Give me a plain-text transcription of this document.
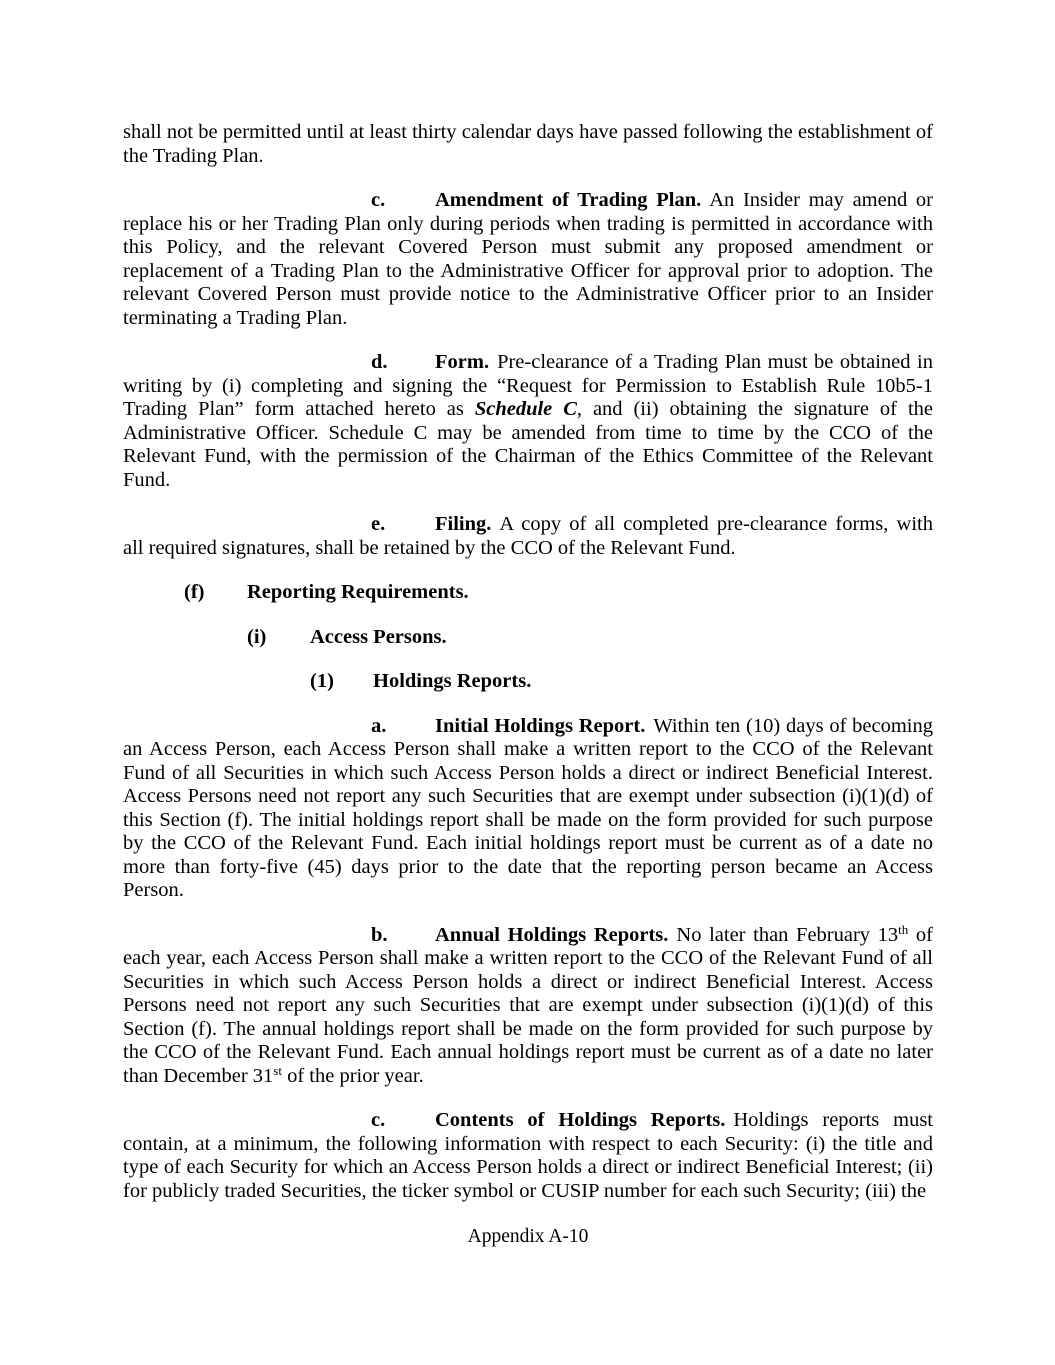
shall not be permitted until at least thirty calendar days have passed following the establishment of the Trading Plan.

c. Amendment of Trading Plan. An Insider may amend or replace his or her Trading Plan only during periods when trading is permitted in accordance with this Policy, and the relevant Covered Person must submit any proposed amendment or replacement of a Trading Plan to the Administrative Officer for approval prior to adoption. The relevant Covered Person must provide notice to the Administrative Officer prior to an Insider terminating a Trading Plan.

d. Form. Pre-clearance of a Trading Plan must be obtained in writing by (i) completing and signing the “Request for Permission to Establish Rule 10b5-1 Trading Plan” form attached hereto as Schedule C, and (ii) obtaining the signature of the Administrative Officer. Schedule C may be amended from time to time by the CCO of the Relevant Fund, with the permission of the Chairman of the Ethics Committee of the Relevant Fund.

e. Filing. A copy of all completed pre-clearance forms, with all required signatures, shall be retained by the CCO of the Relevant Fund.

(f) Reporting Requirements.

(i) Access Persons.

(1) Holdings Reports.

a. Initial Holdings Report. Within ten (10) days of becoming an Access Person, each Access Person shall make a written report to the CCO of the Relevant Fund of all Securities in which such Access Person holds a direct or indirect Beneficial Interest. Access Persons need not report any such Securities that are exempt under subsection (i)(1)(d) of this Section (f). The initial holdings report shall be made on the form provided for such purpose by the CCO of the Relevant Fund. Each initial holdings report must be current as of a date no more than forty-five (45) days prior to the date that the reporting person became an Access Person.

b. Annual Holdings Reports. No later than February 13th of each year, each Access Person shall make a written report to the CCO of the Relevant Fund of all Securities in which such Access Person holds a direct or indirect Beneficial Interest. Access Persons need not report any such Securities that are exempt under subsection (i)(1)(d) of this Section (f). The annual holdings report shall be made on the form provided for such purpose by the CCO of the Relevant Fund. Each annual holdings report must be current as of a date no later than December 31st of the prior year.

c. Contents of Holdings Reports. Holdings reports must contain, at a minimum, the following information with respect to each Security: (i) the title and type of each Security for which an Access Person holds a direct or indirect Beneficial Interest; (ii) for publicly traded Securities, the ticker symbol or CUSIP number for each such Security; (iii) the

Appendix A-10
